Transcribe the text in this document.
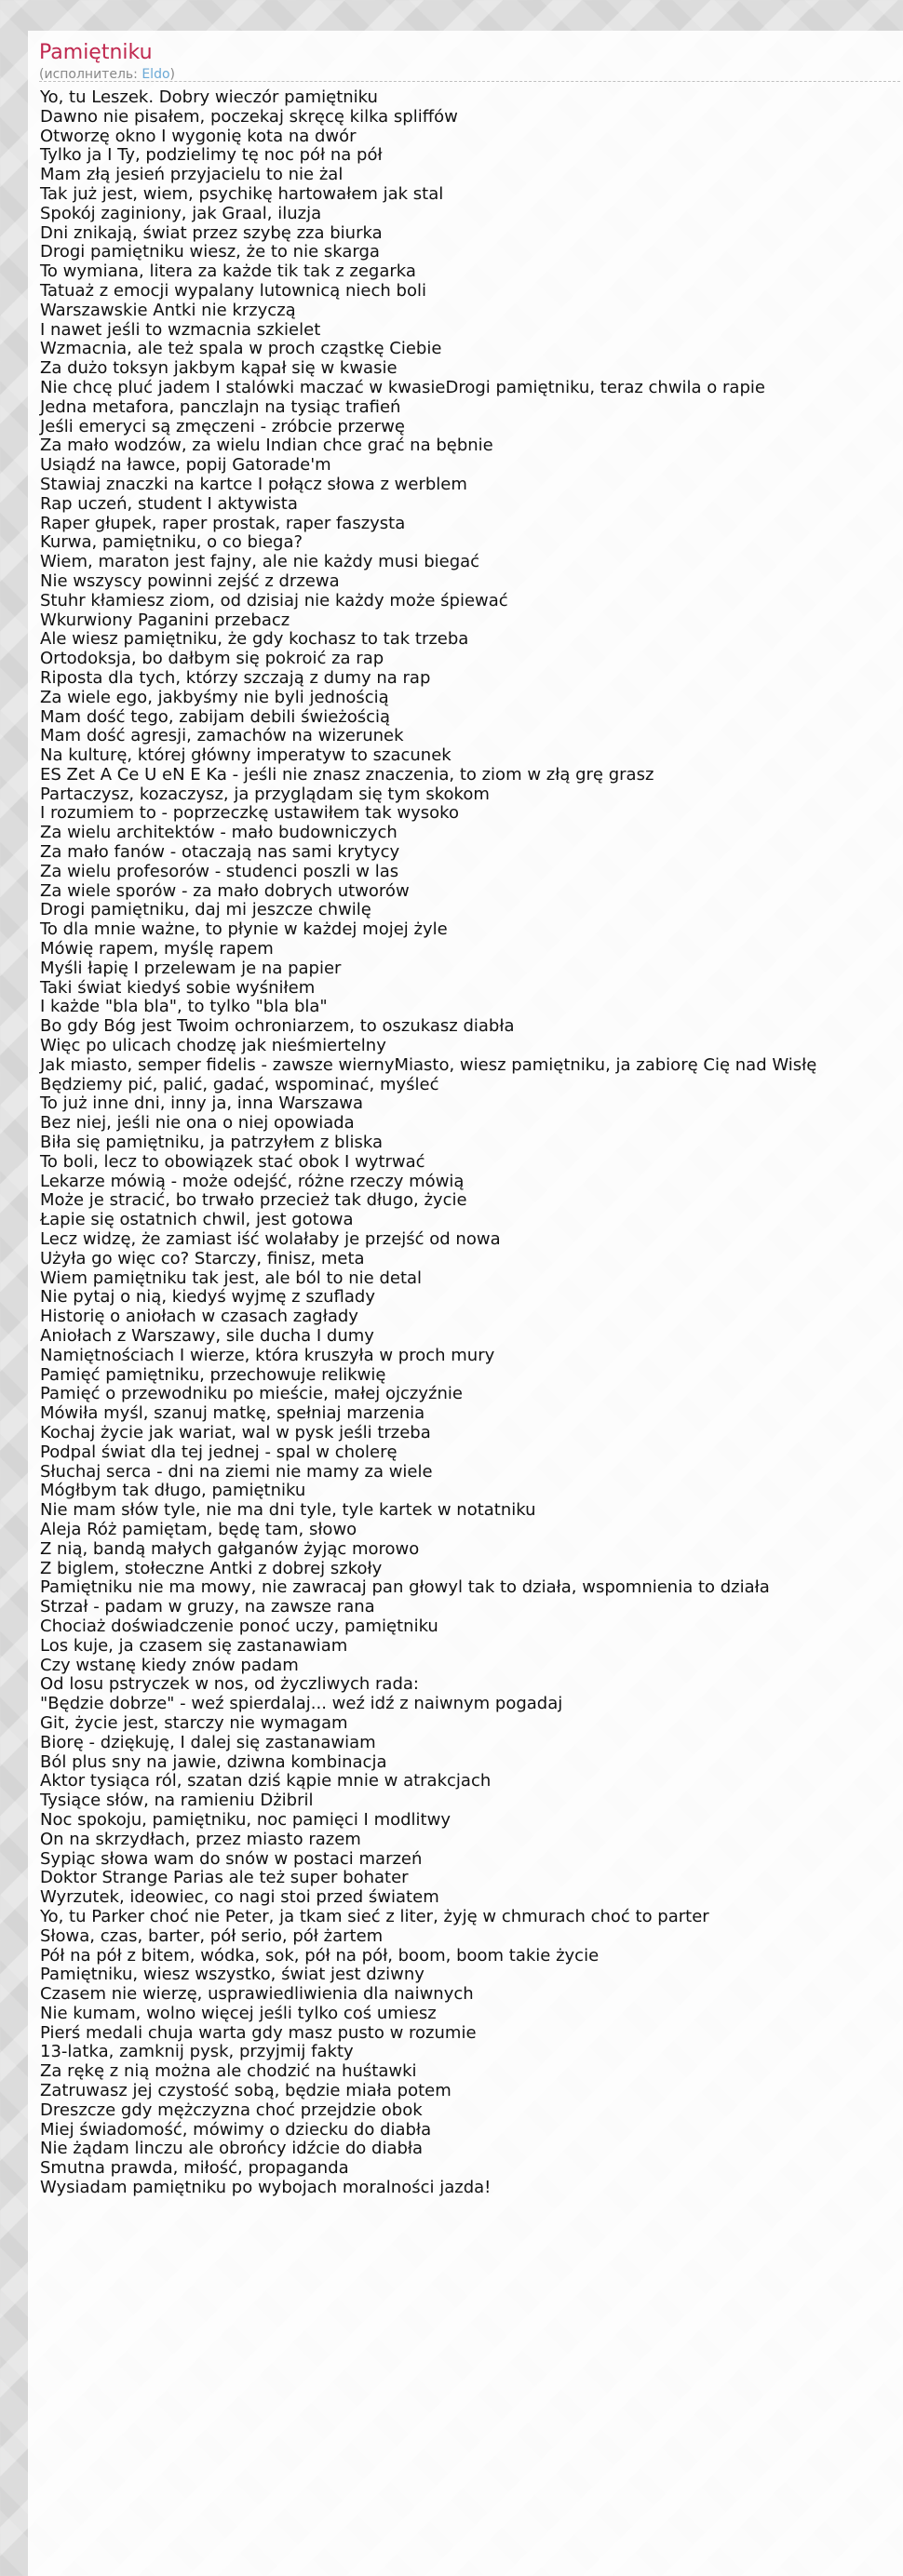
Pamiętniku
(исполнитель: Eldo)
Yo, tu Leszek. Dobry wieczór pamiętniku
Dawno nie pisałem, poczekaj skręcę kilka spliffów
Otworzę okno I wygonię kota na dwór
Tylko ja I Ty, podzielimy tę noc pół na pół
Mam złą jesień przyjacielu to nie żal
Tak już jest, wiem, psychikę hartowałem jak stal
Spokój zaginiony, jak Graal, iluzja
Dni znikają, świat przez szybę zza biurka
Drogi pamiętniku wiesz, że to nie skarga
To wymiana, litera za każde tik tak z zegarka
Tatuaż z emocji wypalany lutownicą niech boli
Warszawskie Antki nie krzyczą
I nawet jeśli to wzmacnia szkielet
Wzmacnia, ale też spala w proch cząstkę Ciebie
Za dużo toksyn jakbym kąpał się w kwasie
Nie chcę pluć jadem I stalówki maczać w kwasieDrogi pamiętniku, teraz chwila o rapie
Jedna metafora, panczlajn na tysiąc trafień
Jeśli emeryci są zmęczeni - zróbcie przerwę
Za mało wodzów, za wielu Indian chce grać na bębnie
Usiądź na ławce, popij Gatorade'm
Stawiaj znaczki na kartce I połącz słowa z werblem
Rap uczeń, student I aktywista
Raper głupek, raper prostak, raper faszysta
Kurwa, pamiętniku, o co biega?
Wiem, maraton jest fajny, ale nie każdy musi biegać
Nie wszyscy powinni zejść z drzewa
Stuhr kłamiesz ziom, od dzisiaj nie każdy może śpiewać
Wkurwiony Paganini przebacz
Ale wiesz pamiętniku, że gdy kochasz to tak trzeba
Ortodoksja, bo dałbym się pokroić za rap
Riposta dla tych, którzy szczają z dumy na rap
Za wiele ego, jakbyśmy nie byli jednością
Mam dość tego, zabijam debili świeżością
Mam dość agresji, zamachów na wizerunek
Na kulturę, której główny imperatyw to szacunek
ES Zet A Ce U eN E Ka - jeśli nie znasz znaczenia, to ziom w złą grę grasz
Partaczysz, kozaczysz, ja przyglądam się tym skokom
I rozumiem to - poprzeczkę ustawiłem tak wysoko
Za wielu architektów - mało budowniczych
Za mało fanów - otaczają nas sami krytycy
Za wielu profesorów - studenci poszli w las
Za wiele sporów - za mało dobrych utworów
Drogi pamiętniku, daj mi jeszcze chwilę
To dla mnie ważne, to płynie w każdej mojej żyle
Mówię rapem, myślę rapem
Myśli łapię I przelewam je na papier
Taki świat kiedyś sobie wyśniłem
I każde "bla bla", to tylko "bla bla"
Bo gdy Bóg jest Twoim ochroniarzem, to oszukasz diabła
Więc po ulicach chodzę jak nieśmiertelny
Jak miasto, semper fidelis - zawsze wiernyMiasto, wiesz pamiętniku, ja zabiorę Cię nad Wisłę
Będziemy pić, palić, gadać, wspominać, myśleć
To już inne dni, inny ja, inna Warszawa
Bez niej, jeśli nie ona o niej opowiada
Biła się pamiętniku, ja patrzyłem z bliska
To boli, lecz to obowiązek stać obok I wytrwać
Lekarze mówią - może odejść, różne rzeczy mówią
Może je stracić, bo trwało przecież tak długo, życie
Łapie się ostatnich chwil, jest gotowa
Lecz widzę, że zamiast iść wolałaby je przejść od nowa
Użyła go więc co? Starczy, finisz, meta
Wiem pamiętniku tak jest, ale ból to nie detal
Nie pytaj o nią, kiedyś wyjmę z szuflady
Historię o aniołach w czasach zagłady
Aniołach z Warszawy, sile ducha I dumy
Namiętnościach I wierze, która kruszyła w proch mury
Pamięć pamiętniku, przechowuje relikwię
Pamięć o przewodniku po mieście, małej ojczyźnie
Mówiła myśl, szanuj matkę, spełniaj marzenia
Kochaj życie jak wariat, wal w pysk jeśli trzeba
Podpal świat dla tej jednej - spal w cholerę
Słuchaj serca - dni na ziemi nie mamy za wiele
Mógłbym tak długo, pamiętniku
Nie mam słów tyle, nie ma dni tyle, tyle kartek w notatniku
Aleja Róż pamiętam, będę tam, słowo
Z nią, bandą małych gałganów żyjąc morowo
Z biglem, stołeczne Antki z dobrej szkoły
Pamiętniku nie ma mowy, nie zawracaj pan głowyl tak to działa, wspomnienia to działa
Strzał - padam w gruzy, na zawsze rana
Chociaż doświadczenie ponoć uczy, pamiętniku
Los kuje, ja czasem się zastanawiam
Czy wstanę kiedy znów padam
Od losu pstryczek w nos, od życzliwych rada:
"Będzie dobrze" - weź spierdalaj... weź idź z naiwnym pogadaj
Git, życie jest, starczy nie wymagam
Biorę - dziękuję, I dalej się zastanawiam
Ból plus sny na jawie, dziwna kombinacja
Aktor tysiąca ról, szatan dziś kąpie mnie w atrakcjach
Tysiące słów, na ramieniu Dżibril
Noc spokoju, pamiętniku, noc pamięci I modlitwy
On na skrzydłach, przez miasto razem
Sypiąc słowa wam do snów w postaci marzeń
Doktor Strange Parias ale też super bohater
Wyrzutek, ideowiec, co nagi stoi przed światem
Yo, tu Parker choć nie Peter, ja tkam sieć z liter, żyję w chmurach choć to parter
Słowa, czas, barter, pół serio, pół żartem
Pół na pół z bitem, wódka, sok, pół na pół, boom, boom takie życie
Pamiętniku, wiesz wszystko, świat jest dziwny
Czasem nie wierzę, usprawiedliwienia dla naiwnych
Nie kumam, wolno więcej jeśli tylko coś umiesz
Pierś medali chuja warta gdy masz pusto w rozumie
13-latka, zamknij pysk, przyjmij fakty
Za rękę z nią można ale chodzić na huśtawki
Zatruwasz jej czystość sobą, będzie miała potem
Dreszcze gdy mężczyzna choć przejdzie obok
Miej świadomość, mówimy o dziecku do diabła
Nie żądam linczu ale obrońcy idźcie do diabła
Smutna prawda, miłość, propaganda
Wysiadam pamiętniku po wybojach moralności jazda!
